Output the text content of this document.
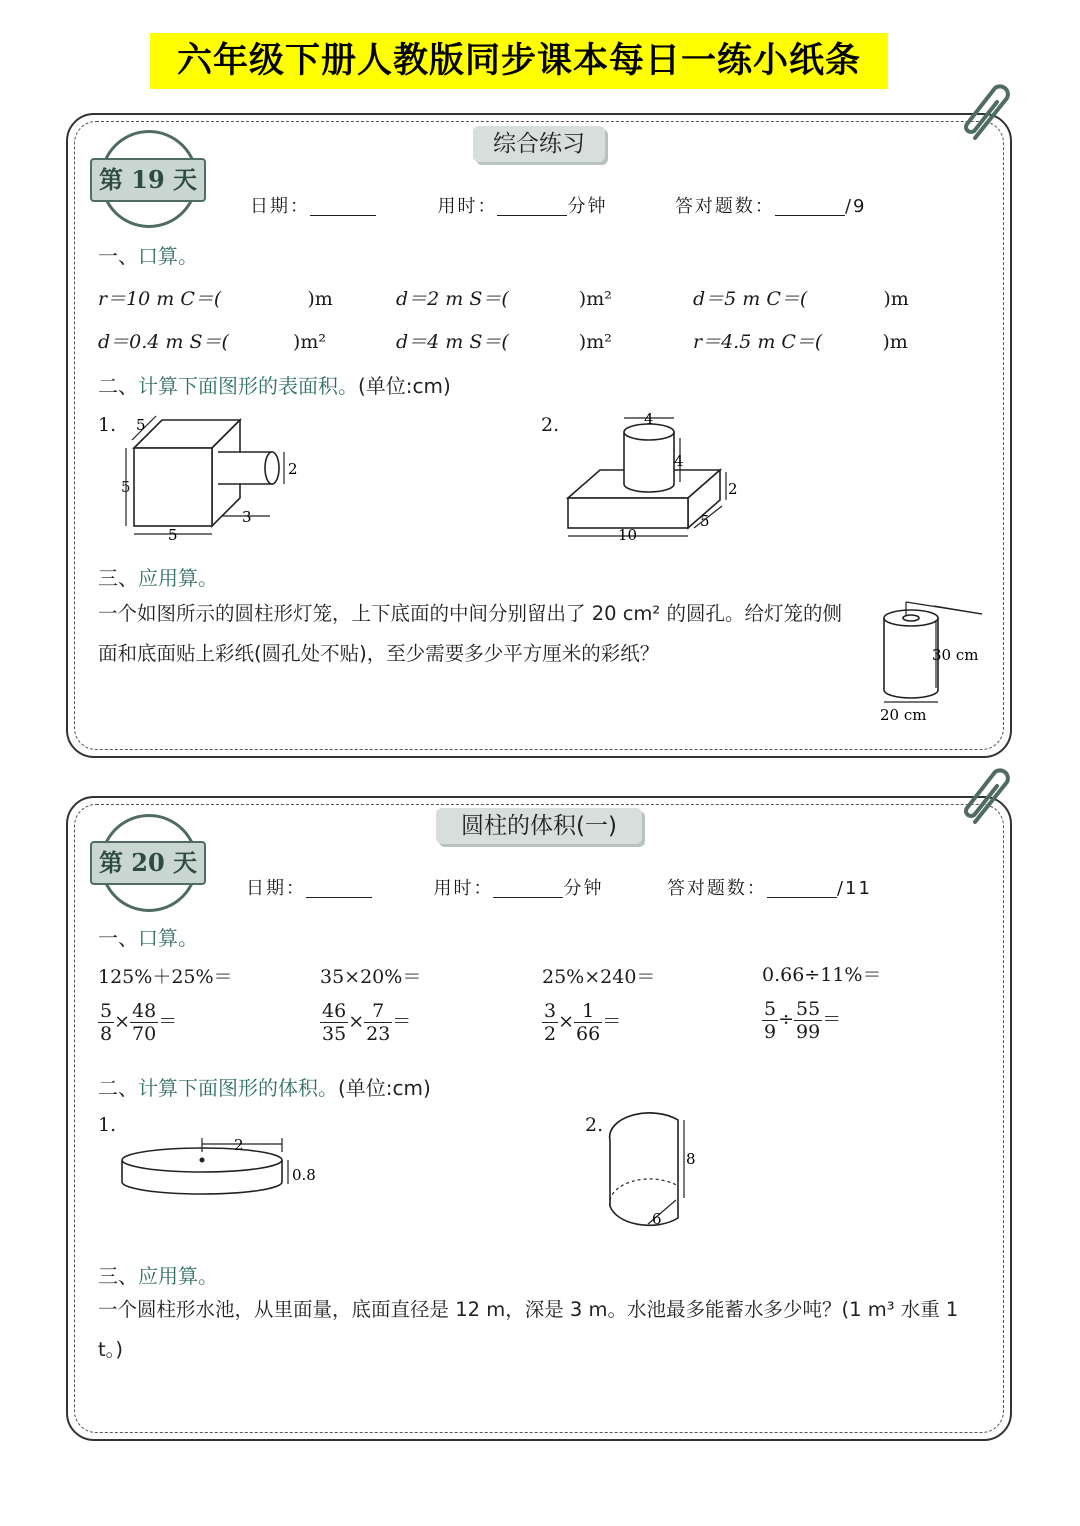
六年级下册人教版同步课本每日一练小纸条
综合练习
第 19 天
日期：	用时：	分钟	答对题数：	/9
一、口算。
r＝10 m C＝(	)m	d＝2 m S＝(	)m²	d＝5 m C＝(	)m
d＝0.4 m S＝(	)m²	d＝4 m S＝(	)m²	r＝4.5 m C＝(	)m
二、计算下面图形的表面积。(单位:cm)
1. 5
5
5
2
3
2.	4
4
2
10
5
三、应用算。
一个如图所示的圆柱形灯笼，上下底面的中间分别留出了 20 cm² 的圆孔。给灯笼的侧面和底面贴上彩纸(圆孔处不贴)，至少需要多少平方厘米的彩纸？	30 cm
20 cm
圆柱的体积(一)
第 20 天
日期：	用时：	分钟	答对题数：	/11
一、口算。
125%＋25%＝	35×20%＝	25%×240＝	0.66÷11%＝
$\frac{5}{8} \times \frac{48}{70}$ ＝	$\frac{46}{35} \times \frac{7}{23}$ ＝	$\frac{3}{2} \times \frac{1}{66}$ ＝	$\frac{5}{9} \div \frac{55}{99}$ ＝
二、计算下面图形的体积。(单位:cm)
1.
2
0.8
2.
8
6
三、应用算。
一个圆柱形水池，从里面量，底面直径是 12 m，深是 3 m。水池最多能蓄水多少吨？(1 m³ 水重 1 t。)
